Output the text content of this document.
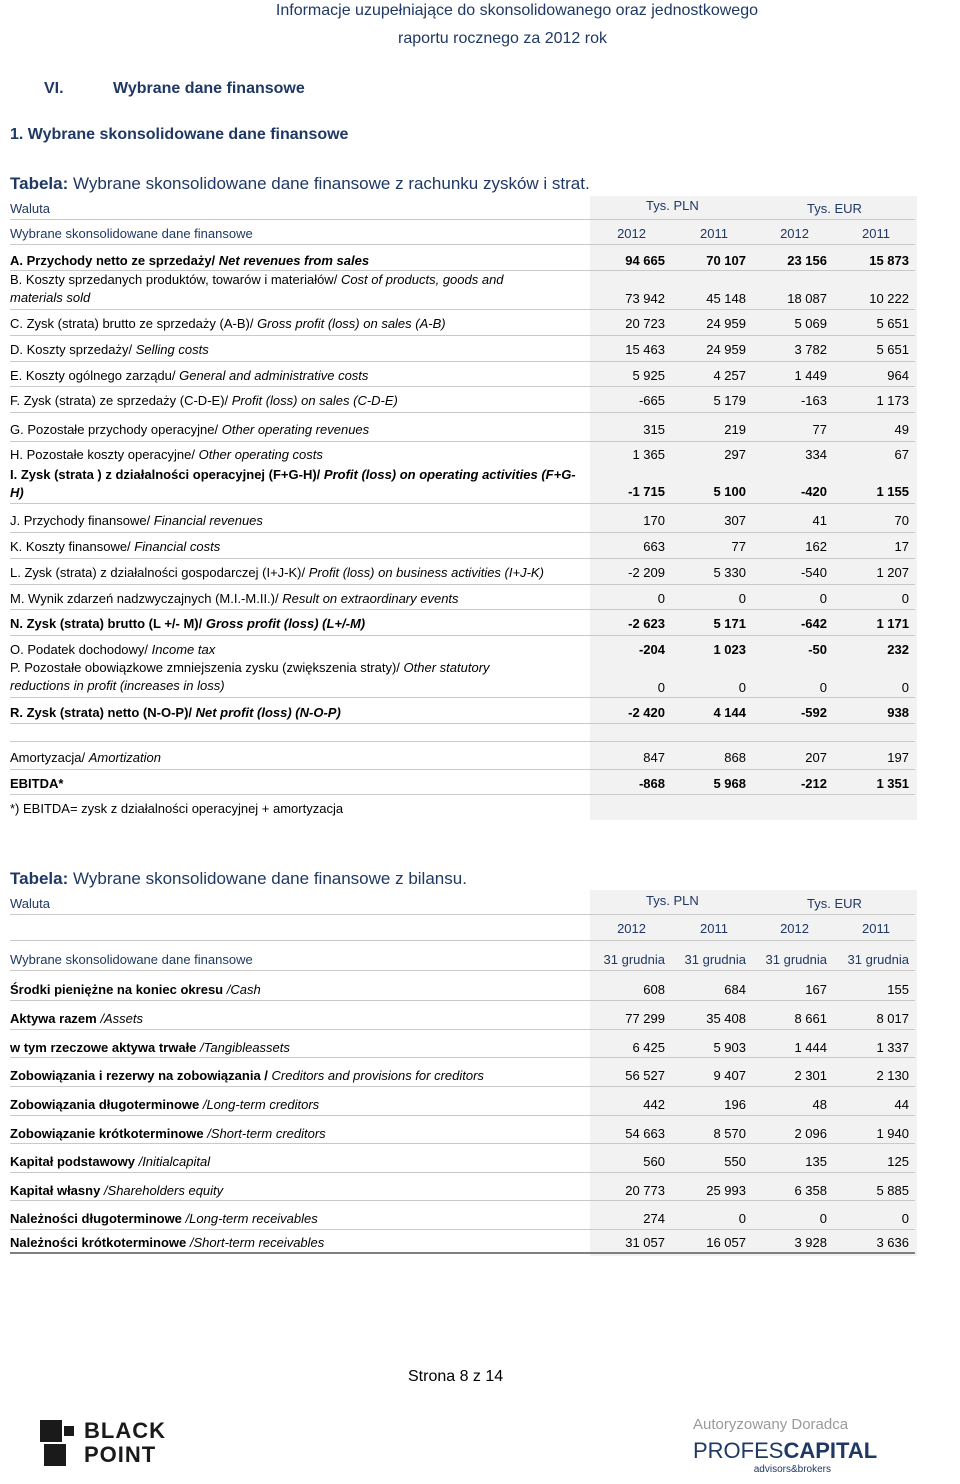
Informacje uzupełniające do skonsolidowanego oraz jednostkowego
raportu rocznego za 2012 rok
VI.	Wybrane dane finansowe
1. Wybrane skonsolidowane dane finansowe
Tabela: Wybrane skonsolidowane dane finansowe z rachunku zysków i strat.
Waluta	Tys. PLN	Tys. EUR
Wybrane skonsolidowane dane finansowe	2012	2011	2012	2011
A. Przychody netto ze sprzedaży/ Net revenues from sales	94 665	70 107	23 156	15 873
B. Koszty sprzedanych produktów, towarów i materiałów/ Cost of products, goods and
materials sold	73 942	45 148	18 087	10 222
C. Zysk (strata) brutto ze sprzedaży (A-B)/ Gross profit (loss) on sales (A-B)	20 723	24 959	5 069	5 651
D. Koszty sprzedaży/ Selling costs	15 463	24 959	3 782	5 651
E. Koszty ogólnego zarządu/ General and administrative costs	5 925	4 257	1 449	964
F. Zysk (strata) ze sprzedaży (C-D-E)/ Profit (loss) on sales (C-D-E)	-665	5 179	-163	1 173
G. Pozostałe przychody operacyjne/ Other operating revenues	315	219	77	49
H. Pozostałe koszty operacyjne/ Other operating costs	1 365	297	334	67
I. Zysk (strata ) z działalności operacyjnej (F+G-H)/ Profit (loss) on operating activities (F+G-
H)	-1 715	5 100	-420	1 155
J. Przychody finansowe/ Financial revenues	170	307	41	70
K. Koszty finansowe/ Financial costs	663	77	162	17
L. Zysk (strata) z działalności gospodarczej (I+J-K)/ Profit (loss) on business activities (I+J-K)	-2 209	5 330	-540	1 207
M. Wynik zdarzeń nadzwyczajnych (M.I.-M.II.)/ Result on extraordinary events	0	0	0	0
N. Zysk (strata) brutto (L +/- M)/ Gross profit (loss) (L+/-M)	-2 623	5 171	-642	1 171
O. Podatek dochodowy/ Income tax	-204	1 023	-50	232
P. Pozostałe obowiązkowe zmniejszenia zysku (zwiększenia straty)/ Other statutory
reductions in profit (increases in loss)	0	0	0	0
R. Zysk (strata) netto (N-O-P)/ Net profit (loss) (N-O-P)	-2 420	4 144	-592	938
Amortyzacja/ Amortization	847	868	207	197
EBITDA*	-868	5 968	-212	1 351
*) EBITDA= zysk z działalności operacyjnej + amortyzacja
Tabela: Wybrane skonsolidowane dane finansowe z bilansu.
Waluta	Tys. PLN	Tys. EUR
2012	2011	2012	2011
Wybrane skonsolidowane dane finansowe	31 grudnia 31 grudnia 31 grudnia 31 grudnia
Środki pieniężne na koniec okresu /Cash	608	684	167	155
Aktywa razem /Assets	77 299	35 408	8 661	8 017
w tym rzeczowe aktywa trwałe /Tangibleassets	6 425	5 903	1 444	1 337
Zobowiązania i rezerwy na zobowiązania / Creditors and provisions for creditors	56 527	9 407	2 301	2 130
Zobowiązania długoterminowe /Long-term creditors	442	196	48	44
Zobowiązanie krótkoterminowe /Short-term creditors	54 663	8 570	2 096	1 940
Kapitał podstawowy /Initialcapital	560	550	135	125
Kapitał własny /Shareholders equity	20 773	25 993	6 358	5 885
Należności długoterminowe /Long-term receivables	274	0	0	0
Należności krótkoterminowe /Short-term receivables	31 057	16 057	3 928	3 636
Strona 8 z 14
BLACK
POINT
Autoryzowany Doradca
PROFESCAPITAL
advisors&brokers
